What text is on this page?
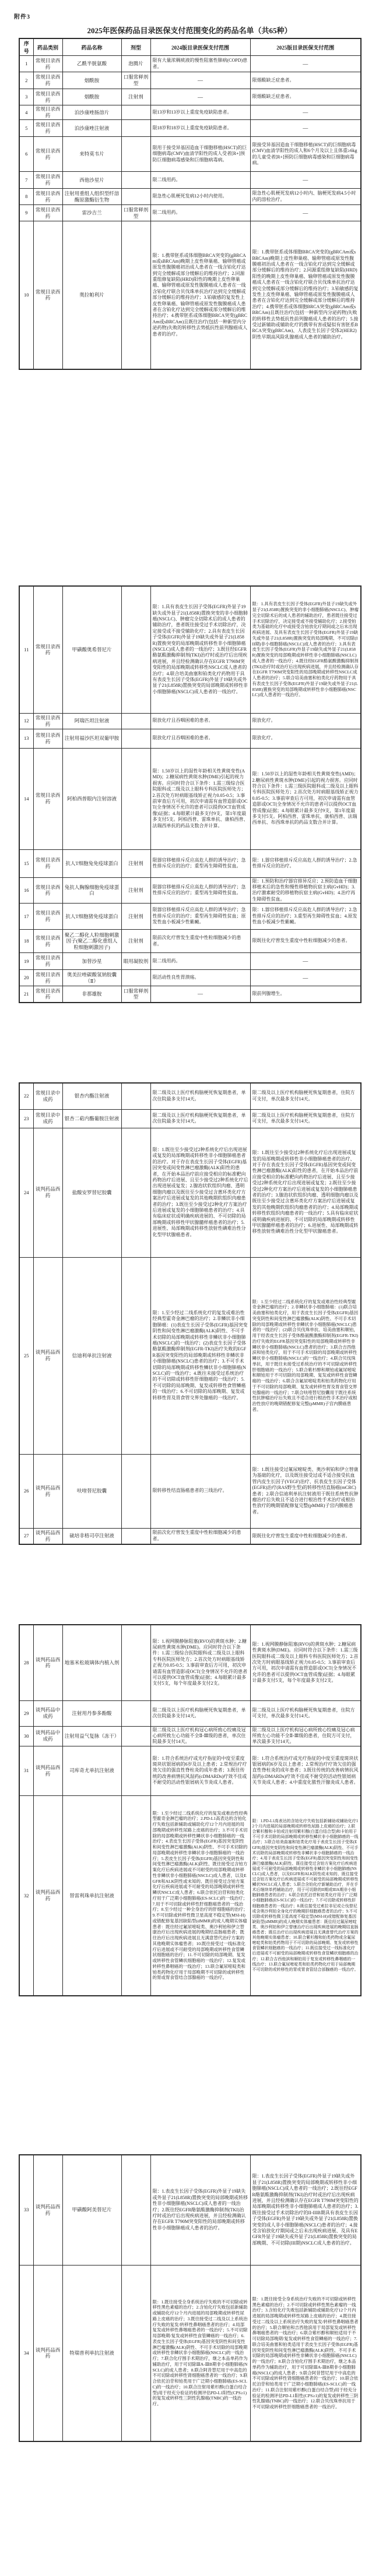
附件3
2025年医保药品目录医保支付范围变化的药品名单（共65种）
序号	药品类别	药品名称	剂型	2024版目录医保支付范围	2025版目录医保支付范围
1	常规目录西药	乙酰半胱氨酸	泡腾片	限有大量浓稠痰液的慢性阻塞性肺病(COPD)患者。	—
2	常规目录西药	烟酰胺	口服常释剂型	—	限烟酸缺乏症患者。
3	常规目录西药	烟酰胺	注射剂	—	限烟酸缺乏症患者。
4	常规目录西药	泊沙康唑肠溶片		限13岁和13岁以上重度免疫缺陷患者。	—
5	常规目录西药	泊沙康唑注射液		限18岁和18岁以上重度免疫缺陷患者。	—
6	常规目录西药	来特莫韦片		限用于接受异基因造血干细胞移植(HSCT)的巨细胞病毒(CMV)血清学阳性的成人受者[R+]预防巨细胞病毒感染和巨细胞病毒病。	限接受异基因造血干细胞移植(HSCT)的巨细胞病毒(CMV)血清学阳性的成人和6个月及以上且体重≥6kg的儿童受者[R+]预防巨细胞病毒感染和巨细胞病毒病。
7	常规目录西药	西他沙星片		限二线用药。	—
8	常规目录西药	注射用重组人组织型纤溶酶原激酶衍生物		限急性心肌梗死发病12小时内使用。	限急性心肌梗死发病12小时内、脑梗死发病4.5小时内的溶栓治疗。
9	常规目录西药	雷沙吉兰	口服常释剂型	限二线用药。	—
10	常规目录西药	奥拉帕利片		限：1.携带胚系或体细胞BRCA突变的(gBRCAm或sBRCAm)晚期上皮性卵巢癌、输卵管癌或原发性腹膜癌初治成人患者在一线含铂化疗达到完全缓解或部分缓解后的维持治疗；2.同源重组修复缺陷(HRD)阳性的晚期上皮性卵巢癌、输卵管癌或原发性腹膜癌成人患者在一线含铂化疗联合贝伐珠单抗治疗达到完全缓解或部分缓解后的维持治疗；3.铂敏感的复发性上皮性卵巢癌、输卵管癌或原发性腹膜癌成人患者在含铂化疗达到完全缓解或部分缓解后的维持治疗；4.携带胚系或体细胞BRCA突变(gBRCAm或sBRCAm)且既往治疗(包括一种新型内分泌药物)失败的转移性去势抵抗性前列腺癌成人患者的治疗。	限：1.携带胚系或体细胞BRCA突变的(gBRCAm或sBRCAm)晚期上皮性卵巢癌、输卵管癌或原发性腹膜癌初治成人患者在一线含铂化疗达到完全缓解或部分缓解后的维持治疗；2.同源重组修复缺陷(HRD)阳性的晚期上皮性卵巢癌、输卵管癌或原发性腹膜癌成人患者在一线含铂化疗联合贝伐珠单抗治疗达到完全缓解或部分缓解后的维持治疗；3.铂敏感的复发性上皮性卵巢癌、输卵管癌或原发性腹膜癌成人患者在含铂化疗达到完全缓解或部分缓解后的维持治疗；4.携带胚系或体细胞BRCA突变(gBRCAm或sBRCAm)且既往治疗(包括一种新型内分泌药物)失败的转移性去势抵抗性前列腺癌成人患者的治疗；5.接受过新辅助或辅助化疗的携带有害或疑似有害胚系BRCA突变(gBRCAm)、人表皮生长因子受体2(HER2)阴性早期高风险乳腺癌成人患者的辅助治疗。
11	常规目录西药	甲磺酸奥希替尼片		限：1.具有表皮生长因子受体(EGFR)外显子19缺失或外显子21(L858R)置换突变的非小细胞肺癌(NSCLC)、肿瘤完全切除术后的成人患者的辅助治疗，患者既往接受过手术切除治疗，决定接受或不接受辅助化疗；2.具有表皮生长因子受体(EGFR)外显子19缺失或外显子21(L858R)置换突变的局部晚期或转移性非小细胞肺癌(NSCLC)成人患者的一线治疗；3.既往经EGFR酪氨酸激酶抑制剂(TKI)治疗时或治疗后出现疾病进展，并且经检测确认存在EGFR T790M突变阳性的局部晚期或转移性NSCLC成人患者的治疗；4.联合培美曲塞和铂类化疗药物用于具有表皮生长因子受体(EGFR)外显子19缺失或外显子21(L858R)置换突变的局部晚期或转移性非小细胞肺癌(NSCLC)成人患者的一线治疗。	限：1.具有表皮生长因子受体(EGFR)外显子19缺失或外显子21(L858R)置换突变的非小细胞肺癌(NSCLC)、肿瘤完全切除术后的成人患者的辅助治疗，患者既往接受过手术切除治疗，决定接受或不接受辅助化疗；2.接受铂类为基础的化疗中或接受含铂放化疗期间或之后未出现疾病进展、及具有表皮生长因子受体(EGFR)外显子19缺失或外显子21(L858R)置换突变的局部晚期、不可切除(III期)非小细胞肺癌(NSCLC)成人患者的治疗；3.具有表皮生长因子受体(EGFR)外显子19缺失或外显子21(L858R)置换突变的局部晚期或转移性非小细胞肺癌(NSCLC)成人患者的一线治疗；4.既往经EGFR酪氨酸激酶抑制剂(TKI)治疗时或治疗后出现疾病进展，并且经检测确认存在EGFR T790M突变阳性的局部晚期或转移性NSCLC成人患者的治疗；5.联合培美曲塞和铂类化疗药物用于具有表皮生长因子受体(EGFR)外显子19缺失或外显子21(L858R)置换突变的局部晚期或转移性非小细胞肺癌(NSCLC)成人患者的一线治疗。
12	常规目录西药	阿瑞匹坦注射液		限放化疗且吞咽困难的患者。	限放化疗。
13	常规目录西药	注射用福沙匹坦双葡甲胺		限放化疗且吞咽困难的患者。	限放化疗。
14	常规目录西药	阿柏西普眼内注射溶液		限：1.50岁以上的湿性年龄相关性黄斑变性(AMD)；2.糖尿病性黄斑水肿(DME)引起的视力损害。应同时符合以下条件：1.需三级综合医院眼科或二级及以上眼科专科医院医师处方；2.首次处方时病眼基线矫正视力0.05-0.5；3.事前审查后方可用，初次申请需有血管造影或OCT(全身情况不允许的患者可以提供OCT血管成像)证据；4.每眼累计最多支付9支，第1年度最多支付5支。阿柏西普、雷珠单抗、康柏西普、法瑞西单抗的药品支数合并计算。	限：1.50岁以上的湿性年龄相关性黄斑变性(AMD)；2.糖尿病性黄斑水肿(DME)引起的视力损害。应同时符合以下条件：1.需三级医院眼科或二级及以上眼科专科医院医师处方；2.首次处方时病眼基线矫正视力0.05-0.5；3.事前审查后方可用，初次申请需有血管造影或OCT(全身情况不允许的患者可以提供OCT血管成像)证据；4.每眼累计最多支付9支，第1年度最多支付5支。阿柏西普、雷珠单抗、康柏西普、法瑞西单抗、布西珠单抗的药品支数合并计算。
15	常规目录西药	抗人T细胞兔免疫球蛋白	注射剂	限器官移植排斥反应高危人群的诱导治疗；急性排斥反应的治疗；重型再生障碍性贫血。	限：1.器官移植排斥反应高危人群的诱导治疗；2.急性排斥反应的治疗。
16	常规目录西药	兔抗人胸腺细胞免疫球蛋白	注射剂	限器官移植排斥反应高危人群的诱导治疗；急性排斥反应的治疗；重型再生障碍性贫血。	限：1.预防和治疗器官排异反应；2.预防造血干细胞移植术后的急性和慢性移植物抗宿主病(GvHD)；3.治疗激素耐受的移植物抗宿主病(GvHD)；4.治疗再生障碍性贫血。
17	常规目录西药	抗人T细胞猪免疫球蛋白	注射剂	限器官移植排斥反应高危人群的诱导治疗；急性排斥反应的治疗；重型再生障碍性贫血；原发性血小板减少性紫癜。	限：1.器官移植排斥反应高危人群的诱导治疗；2.急性排斥反应的治疗；3.重型再生障碍性贫血；4.原发性血小板减少性紫癜。
18	常规目录西药	聚乙二醇化人粒细胞刺激因子(聚乙二醇化重组人粒细胞刺激因子)	注射剂	限前次化疗曾发生重度中性粒细胞减少的患者。	限既往化疗曾发生重度中性粒细胞减少的患者。
19	常规目录西药	加替沙星	眼用凝胶剂	限二线用药。	—
20	常规目录西药	奥美拉唑碳酸氢钠胶囊（Ⅱ）		限活动性良性胃溃疡。	—
21	常规目录西药	非那雄胺	口服常释剂型	—	限前列腺增生。
22	常规目录中成药	银杏内酯注射液		限二级及以上医疗机构脑梗死恢复期患者，单次住院最多支付14天。	限二级及以上医疗机构脑梗死恢复期患者，住院方可支付，单次最多支付14天。
23	常规目录中成药	银杏二萜内酯葡胺注射液		限二级及以上医疗机构脑梗死恢复期患者，单次住院最多支付14天。	限二级及以上医疗机构脑梗死恢复期患者，住院方可支付，单次最多支付14天。
24	谈判药品西药	盐酸安罗替尼胶囊		限：1.既往至少接受过2种系统化疗后出现进展或复发的局部晚期或转移性非小细胞肺癌患者的治疗。对于存在表皮生长因子受体(EGFR)基因突变或间变性淋巴瘤激酶(ALK)阳性的患者，在开始本品治疗前应接受相应的标准靶向药物治疗后进展、且至少接受过2种系统化疗后出现进展或复发；2.腺泡状软组织肉瘤、透明细胞肉瘤以及既往至少接受过含蒽环类化疗方案治疗后进展或复发的其他晚期软组织肉瘤患者的治疗；3.既往至少接受过2种化疗方案治疗后进展或复发的小细胞肺癌患者的治疗；4.具有临床症状或明确疾病进展的、不可切除的局部晚期或转移性甲状腺髓样癌患者的治疗；5.进展性、局部晚期或转移性放射性碘难治性分化型甲状腺癌患者。	限：1.既往至少接受过2种系统化疗后出现进展或复发的局部晚期或转移性非小细胞肺癌患者的治疗、对于存在表皮生长因子受体(EGFR)基因突变或间变性淋巴瘤激酶(ALK)阳性的患者，在开始本品治疗前应接受相应的标准靶向药物治疗后进展、且至少接受过2种系统化疗后出现进展或复发；2.既往至少接受过2种化疗方案治疗后进展或复发的小细胞肺癌患者的治疗；3.腺泡状软组织肉瘤、透明细胞肉瘤以及既往至少接受过含蒽环类化疗方案治疗后进展或复发的其他晚期软组织肉瘤患者的治疗；4.局部晚期或转移性软组织肉瘤患者的一线治疗；5.具有临床症状或明确疾病进展的、不可切除的局部晚期或转移性甲状腺髓样癌患者的治疗；6.进展性、局部晚期或转移性放射性碘难治性分化型甲状腺癌患者。
25	谈判药品西药	信迪利单抗注射液		限：1.至少经过二线系统化疗的复发或难治性经典型霍奇金淋巴瘤的治疗；2.非鳞状非小细胞肺癌：(1)表皮生长因子受体(EGFR)基因突变阴性和间变性淋巴瘤激酶(ALK)阴性、不可手术切除的局部晚期或转移性非鳞状非小细胞肺癌(NSCLC)的一线治疗；(2)表皮生长因子受体酪氨酸激酶抑制剂(EGFR-TKI)治疗失败的EGFR基因突变阳性的局部晚期或转移性非鳞状非小细胞肺癌(NSCLC)患者的治疗；3.不可手术切除的局部晚期或转移性鳞状非小细胞肺癌(NSCLC)的一线治疗；4.既往未接受过系统治疗的不可切除或转移性肝细胞癌的一线治疗；5.不可切除的局部晚期、复发或转移性食管鳞癌的一线治疗；6.不可切除的局部晚期、复发或转移性胃及胃食管交界处腺癌的一线治疗。	限：1.至少经过二线系统化疗的复发或难治性经典型霍奇金淋巴瘤的治疗；2.非鳞状非小细胞肺癌：(1)联合培美曲塞和铂类化疗，用于表皮生长因子受体(EGFR)基因突变阴性和间变性淋巴瘤激酶(ALK)阴性、不可手术切除的局部晚期或转移性非鳞状非小细胞肺癌(NSCLC)患者的一线治疗；(2)联合贝伐珠单抗、培美曲塞和顺铂，用于经表皮生长因子受体酪氨酸激酶抑制剂(EGFR-TKI)治疗失败的EGFR基因突变阳性的局部晚期或转移性非鳞状非小细胞肺癌(NSCLC)患者的治疗；3.联合吉西他滨和铂类化疗，用于不可手术切除的局部晚期或转移性鳞状非小细胞肺癌(NSCLC)的一线治疗；4.联合贝伐珠单抗，用于既往未接受过系统治疗的不可切除或转移性肝细胞癌的一线治疗；5.联合紫杉醇和顺铂或氟尿嘧啶和顺铂用于不可切除的局部晚期、复发或转移性食管鳞癌的一线治疗；6.联合含氟尿嘧啶类和铂类药物化疗用于不可切除的局部晚期、复发或转移性胃及胃食管交界处腺癌的一线治疗；7.联合呋喹替尼胶囊用于既往系统性抗肿瘤治疗后失败且不适合进行根治性手术治疗或根治性放疗的晚期错配修复完整(pMMR)子宫内膜癌患者。
26	谈判药品西药	呋喹替尼胶囊		限转移性结直肠癌患者的三线治疗。	限：1.既往接受过氟尿嘧啶类、奥沙利铂和伊立替康为基础的化疗，以及既往接受过或不适合接受抗血管内皮生长因子(VEGF)治疗、抗表皮生长因子受体(EGFR)治疗(RAS野生型)的转移性结直肠癌(mCRC)患者；2.联合信迪利单抗注射液用于既往系统性抗肿瘤治疗后失败且不适合进行根治性手术治疗或根治性放疗的晚期错配修复完整(pMMR)子宫内膜癌患者。
27	谈判药品西药	硫培非格司亭注射液		限前次化疗曾发生重度中性粒细胞减少的患者。	限既往化疗曾发生重度中性粒细胞减少的患者。
28	谈判药品西药	地塞米松玻璃体内植入剂		限：1.视网膜静脉阻塞(RVO)的黄斑水肿；2.糖尿病性黄斑水肿(DME)。应同时符合以下条件：1.需三级综合医院眼科或二级及以上眼科专科医院医师处方；2.首次处方时病眼基线矫正视力0.05-0.5；3.事前审查后方可用，初次申请需有血管造影或OCT(全身情况不允许的患者可以提供OCT血管成像)证据；4.每眼累计最多支付5支，每个年度最多支付2支。	限：1.视网膜静脉阻塞(RVO)的黄斑水肿；2.糖尿病性黄斑水肿(DME)。应同时符合以下条件：1.需三级医院眼科或二级及以上眼科专科医院医师处方；2.首次处方时病眼基线矫正视力0.05-0.5；3.事前审查后方可用，初次申请需有血管造影或OCT(全身情况不允许的患者可以提供OCT血管成像)证据；4.每眼累计最多支付5支，每个年度最多支付2支。
29	谈判药品中成药	注射用丹参多酚酸		限二级及以上医疗机构脑梗死恢复期患者，单次住院最多支付14天。	限二级及以上医疗机构脑梗死恢复期患者，住院方可支付，单次最多支付14天。
30	谈判药品中成药	注射用益气复脉（冻干）		限二级及以上医疗机构冠心病所致心绞痛及冠心病所致左心功能不全Ⅱ-Ⅲ级的患者，单次住院最多支付14天。	限二级及以上医疗机构冠心病所致心绞痛及冠心病所致左心功能不全Ⅱ-Ⅲ级的患者，住院方可支付，单次最多支付14天。
31	谈判药品西药	司库奇尤单抗注射液		限：1.符合系统治疗或光疗指征的中度至重度斑块状银屑病的6岁及以上患者；2.常规治疗疗效欠佳的强直性脊柱炎的成年患者；3.既往传统的改善病情抗风湿药(cDMARDs)疗效不佳或不耐受的活动性银屑病关节炎成人患者。	限：1.符合系统治疗或光疗指征的中度至重度斑块状银屑病的6岁及以上患者；2.常规治疗疗效欠佳的强直性脊柱炎的成年患者；3.既往传统的改善病情抗风湿药(cDMARDs)疗效不佳或不耐受的活动性银屑病关节炎成人患者；4.中重度化脓性汗腺炎成人患者。
32	谈判药品西药	替雷利珠单抗注射液		限：1.至少经过二线系统化疗的复发或难治性经典型霍奇金淋巴瘤的治疗；2.PD-L1高表达的含铂化疗失败包括新辅助或辅助化疗12个月内进展的局部晚期或转移性尿路上皮癌的治疗；3.不可手术切除的局部晚期或转移性鳞状非小细胞肺癌的一线治疗；4.表皮生长因子受体(EGFR)基因突变阴性和间变性淋巴瘤激酶(ALK)阴性、不可手术切除的局部晚期或转移性非鳞状非小细胞肺癌的一线治疗；5.表皮生长因子受体(EGFR)基因突变阴性和间变性淋巴瘤激酶(ALK)阴性、既往接受过含铂方案化疗后疾病进展或不可耐受的局部晚期或转移性非鳞状非小细胞肺癌(NSCLC)成人患者，以及EGFR和ALK阴性或未知的、既往接受过含铂方案化疗后疾病进展或不可耐受的局部晚期或转移性鳞状NSCLC成人患者；6.联合依托泊苷和铂类化疗用于广泛期小细胞肺癌(ES-SCLC)的一线治疗；7.用于不可切除或转移性肝细胞癌患者的一线治疗；8.至少经过一种全身治疗的肝细胞癌的治疗；9.不可切除或转移性微卫星高度不稳定型(MSI-H)或错配修复基因缺陷型(dMMR)的成人晚期实体瘤患者：既往经过氟尿嘧啶类、奥沙利铂和伊立替康治疗后出现疾病进展的晚期结直肠癌患者；既往治疗后出现疾病进展且无满意替代治疗方案的其他晚期实体瘤患者；10.既往接受过一线标准化疗后进展或不可耐受的局部晚期或转移性食管鳞状细胞癌的治疗；11.不可切除的局部晚期、复发或转移性食管鳞状细胞癌的一线治疗；12.复发或转移性鼻咽癌的一线治疗；13.联合氟尿嘧啶类和铂类药物化疗用于局部晚期不可切除的或转移性的胃或胃食管结合部腺癌的一线治疗。	限：1.PD-L1高表达的含铂化疗失败包括新辅助或辅助化疗12个月内进展的局部晚期或转移性尿路上皮癌的治疗；2.联合紫杉醇和卡铂或注射用紫杉醇(白蛋白结合型)和卡铂用于不可手术切除的局部晚期或转移性鳞状非小细胞肺癌的一线治疗；3.联合培美曲塞和铂类化疗用于表皮生长因子受体(EGFR)基因突变阴性和间变性淋巴瘤激酶(ALK)阴性、不可手术切除的局部晚期或转移性非鳞状非小细胞肺癌的一线治疗；4.用于表皮生长因子受体(EGFR)基因突变阴性和间变性淋巴瘤激酶(ALK)阴性、既往接受过含铂方案化疗后疾病进展或不可耐受的局部晚期或转移性非鳞状非小细胞肺癌(NSCLC)成人患者，以及EGFR和ALK阴性或未知的、既往接受过含铂方案化疗后疾病进展或不可耐受的局部晚期或转移性鳞状NSCLC成人患者；5.联合含铂化疗新辅助治疗，并在手术后继续单药辅助治疗，用于可切除的II期或IIIA期非小细胞肺癌患者的治疗；6.联合依托泊苷和铂类化疗用于广泛期小细胞肺癌(ES-SCLC)的一线治疗；7.不可切除或转移性肝细胞癌患者的一线治疗；8.既往接受过索拉非尼或仑伐替尼或含奥沙利铂全身化疗的晚期肝细胞癌患者的治疗；9.不可切除或转移性微卫星高度不稳定型(MSI-H)或错配修复基因缺陷型(dMMR)的成人晚期实体瘤患者：既往经过氟尿嘧啶类、奥沙利铂和伊立替康治疗后出现疾病进展的晚期结直肠癌患者；既往治疗后出现疾病进展且无满意替代治疗方案的其他晚期实体瘤患者；10.联合紫杉醇和铂类药物或含氟尿嘧啶类和铂类药物用于不可切除的局部晚期、复发或转移性食管鳞状细胞癌的一线治疗；11.既往接受过一线标准化疗后进展或不可耐受的局部晚期或转移性食管鳞状细胞癌的治疗；12.联合吉西他滨和顺铂用于复发或转移性鼻咽癌的一线治疗；13.联合氟尿嘧啶类和铂类药物化疗用于局部晚期不可切除的或转移性的胃或胃食管结合部腺癌的一线治疗。
33	谈判药品西药	甲磺酸阿美替尼片		限：1.表皮生长因子受体(EGFR)外显子19缺失或外显子21(L858R)置换突变的局部晚期或转移性非小细胞肺癌(NSCLC)成人患者的一线治疗；2.既往经EGFR酪氨酸激酶抑制剂(TKI)治疗时或治疗后出现疾病进展，并且经检测确认存在EGFR T790M突变阳性的局部晚期或转移性非小细胞肺癌成人患者的治疗。	限：1.表皮生长因子受体(EGFR)外显子19缺失或外显子21(L858R)置换突变的局部晚期或转移性非小细胞肺癌(NSCLC)成人患者的一线治疗；2.既往经EGFR酪氨酸激酶抑制剂(TKI)治疗时或治疗后出现疾病进展，并且经检测确认存在EGFR T790M突变阳性的局部晚期或转移性非小细胞肺癌成人患者的治疗；3.既往接受过手术切除治疗的II-IIIB期具有表皮生长因子受体(EGFR)外显子19缺失或外显子21(L858R)置换突变的成人非小细胞肺癌(NSCLC)患者的治疗；4.接受含铂放化疗期间或之后未出现疾病进展、及具有EGFR外显子19缺失或外显子21(L858R)置换突变的局部晚期、不可切除(III期)NSCLC成人患者的治疗。
34	谈判药品西药	特瑞普利单抗注射液		限：1.既往接受全身系统治疗失败的不可切除或转移性黑色素瘤的治疗；2.含铂化疗失败包括新辅助或辅助化疗12个月内进展的局部晚期或转移性尿路上皮癌的治疗；3.既往接受过二线及以上系统治疗失败的复发/转移性鼻咽癌患者的治疗；4.局部复发或转移性鼻咽癌患者的一线治疗；5.不可切除局部晚期/复发或转移性食管鳞癌的一线治疗；6.表皮生长因子受体(EGFR)基因突变阴性和间变性淋巴瘤激酶(ALK)阴性、不可手术切除的局部晚期或转移性非鳞状非小细胞肺癌(NSCLC)的一线治疗；7.联合化疗围手术期治疗，继之本品单药作为辅助治疗，用于可切除ⅢA-ⅢB期非小细胞肺癌(NSCLC)的成人患者；8.联合阿昔替尼用于中高危的不可切除或转移性肾细胞癌患者的一线治疗；9.联合依托泊苷和铂类用于广泛期小细胞肺癌(ES-SCLC)的一线治疗；10.联合注射用紫杉醇(白蛋白结合型)用于经充分验证的检测评估PD-L1阳性(CPS≥1)的复发或转移性三阴性乳腺癌(TNBC)的一线治疗。	限：1.既往接受全身系统治疗失败的不可切除或转移性黑色素瘤的治疗；2.不可切除或转移性黑色素瘤的一线治疗；3.含铂化疗失败包括新辅助或辅助化疗12个月内进展的局部晚期或转移性尿路上皮癌的治疗；4.既往接受过二线及以上系统治疗失败的复发/转移性鼻咽癌患者的治疗；5.联合顺铂和吉西他滨用于局部复发或转移性鼻咽癌患者的一线治疗；6.联合紫杉醇和顺铂适用于不可切除局部晚期/复发或转移性食管鳞癌的一线治疗；7.联合培美曲塞和铂类适用于表皮生长因子受体(EGFR)基因突变阴性和间变性淋巴瘤激酶(ALK)阴性、不可手术切除的局部晚期或转移性非鳞状非小细胞肺癌(NSCLC)的一线治疗；8.联合含铂化疗围手术期治疗，继之本品单药作为辅助治疗，用于可切除ⅢA-ⅢB期非小细胞肺癌(NSCLC)的成人患者；9.联合阿昔替尼用于中高危的不可切除或转移性肾细胞癌患者的一线治疗；10.联合依托泊苷和铂类用于广泛期小细胞肺癌(ES-SCLC)的一线治疗；11.联合注射用紫杉醇(白蛋白结合型)用于经充分验证的检测评估PD-L1阳性(CPS≥1)的复发或转移性三阴性乳腺癌(TNBC)的一线治疗；12.联合贝伐珠单抗用于不可切除或转移性肝细胞癌患者的一线治疗。
